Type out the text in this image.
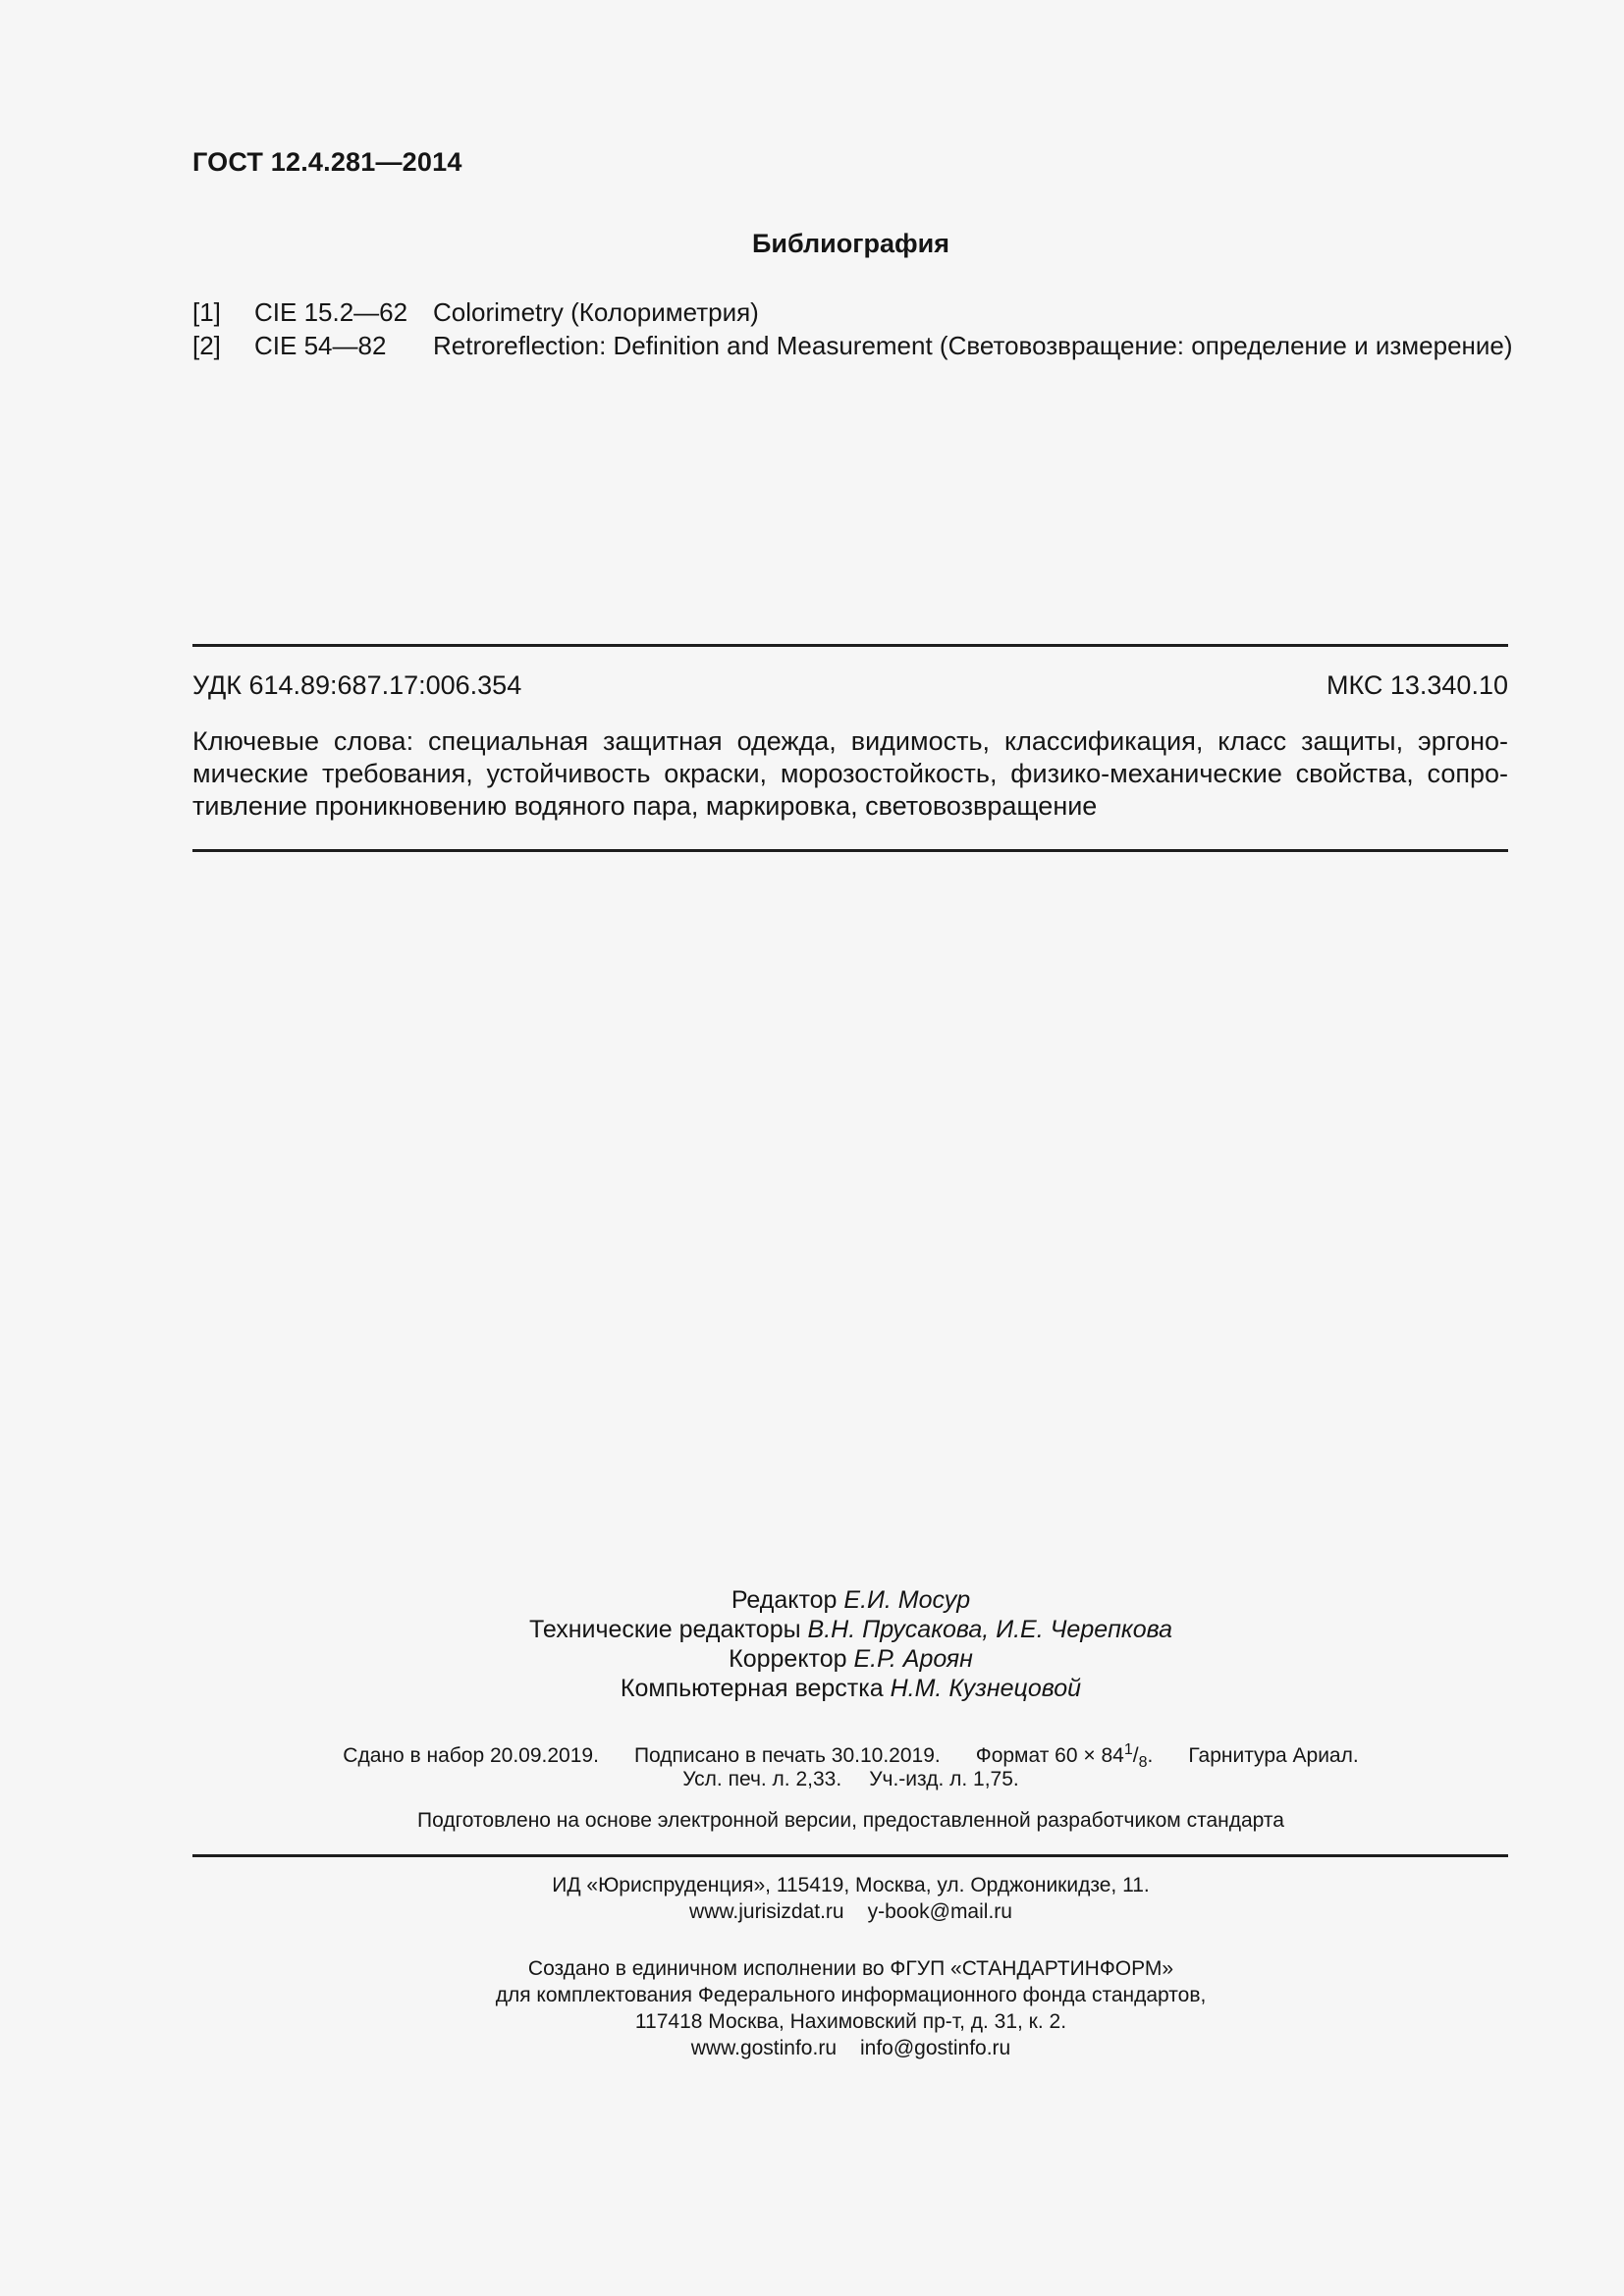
ГОСТ 12.4.281—2014
Библиография
[1] CIE 15.2—62 Colorimetry (Колориметрия)
[2] CIE 54—82 Retroreflection: Definition and Measurement (Световозвращение: определение и измерение)
УДК 614.89:687.17:006.354	МКС 13.340.10
Ключевые слова: специальная защитная одежда, видимость, классификация, класс защиты, эргоно-
мические требования, устойчивость окраски, морозостойкость, физико-механические свойства, сопро-
тивление проникновению водяного пара, маркировка, световозвращение
Редактор Е.И. Мосур
Технические редакторы В.Н. Прусакова, И.Е. Черепкова
Корректор Е.Р. Ароян
Компьютерная верстка Н.М. Кузнецовой
Сдано в набор 20.09.2019. Подписано в печать 30.10.2019. Формат $60 \times 84^1/_8$. Гарнитура Ариал.
Усл. печ. л. 2,33. Уч.-изд. л. 1,75.
Подготовлено на основе электронной версии, предоставленной разработчиком стандарта
ИД «Юриспруденция», 115419, Москва, ул. Орджоникидзе, 11.
www.jurisizdat.ru y-book@mail.ru
Создано в единичном исполнении во ФГУП «СТАНДАРТИНФОРМ»
для комплектования Федерального информационного фонда стандартов,
117418 Москва, Нахимовский пр-т, д. 31, к. 2.
www.gostinfo.ru info@gostinfo.ru
